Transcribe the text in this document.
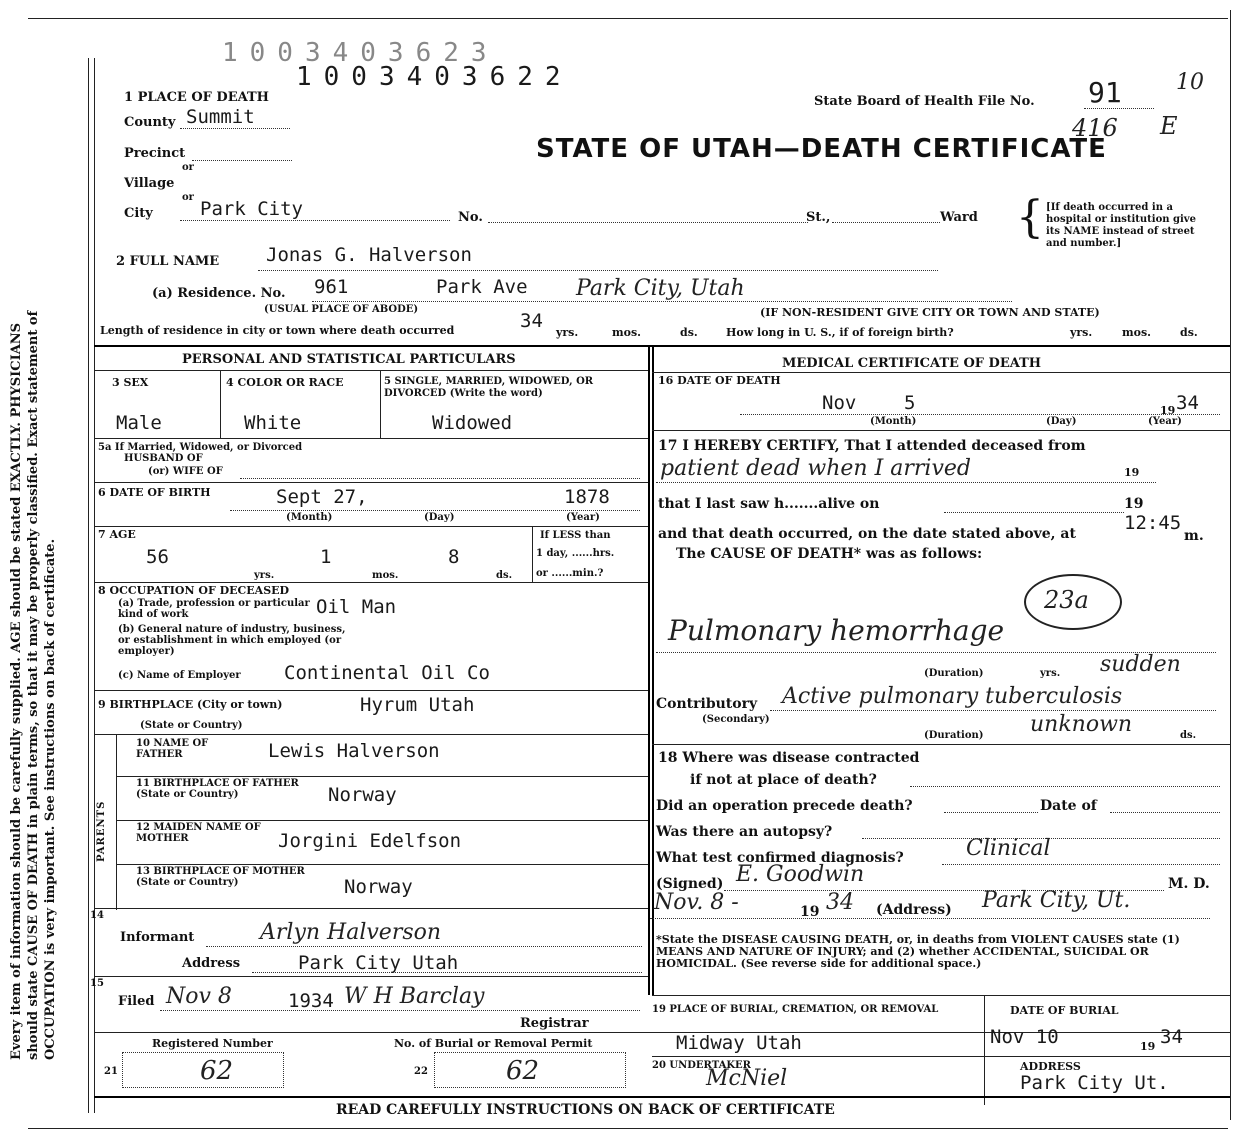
Every item of information should be carefully supplied. AGE should be stated EXACTLY. PHYSICIANS should state CAUSE OF DEATH in plain terms, so that it may be properly classified. Exact statement of OCCUPATION is very important. See instructions on back of certificate.
1003403623
1003403622
1 PLACE OF DEATH
County Summit
Precinct
or
Village
or
City Park City	No.	St.,	Ward { [If death occurred in a hospital or institution give its NAME instead of street and number.]
State Board of Health File No. 91 10
416 E
STATE OF UTAH—DEATH CERTIFICATE
2 FULL NAME Jonas G. Halverson
(a) Residence. No. 961	Park Ave Park City, Utah
(USUAL PLACE OF ABODE)	(IF NON-RESIDENT GIVE CITY OR TOWN AND STATE)
Length of residence in city or town where death occurred	34
yrs.	mos.	ds.	How long in U. S., if of foreign birth?	yrs.	mos.	ds.
PERSONAL AND STATISTICAL PARTICULARS
3 SEX
Male
4 COLOR OR RACE
White
5 SINGLE, MARRIED, WIDOWED, OR DIVORCED (Write the word)
Widowed
5a If Married, Widowed, or Divorced
HUSBAND OF
(or) WIFE OF
6 DATE OF BIRTH	Sept 27,	1878
(Month)	(Day)	(Year)
7 AGE
56	1	8
yrs.	mos.	ds.
If LESS than
1 day, ......hrs.
or ......min.?
8 OCCUPATION OF DECEASED
(a) Trade, profession or particular kind of work	Oil Man
(b) General nature of industry, business, or establishment in which employed (or employer)
(c) Name of Employer Continental Oil Co
9 BIRTHPLACE (City or town)	Hyrum Utah
(State or Country)
PARENTS
10 NAME OF FATHER	Lewis Halverson
11 BIRTHPLACE OF FATHER (State or Country)	Norway
12 MAIDEN NAME OF MOTHER	Jorgini Edelfson
13 BIRTHPLACE OF MOTHER (State or Country)	Norway
14
Informant	Arlyn Halverson
Address	Park City Utah
15
Filed Nov 8	1934 W H Barclay
Registrar
Registered Number
21	62
No. of Burial or Removal Permit
22	62
MEDICAL CERTIFICATE OF DEATH
16 DATE OF DEATH
Nov	5	19 34
(Month)	(Day)	(Year)
17 I HEREBY CERTIFY, That I attended deceased from
patient dead when I arrived	19
that I last saw h.......alive on	19
and that death occurred, on the date stated above, at	12:45
m.
The CAUSE OF DEATH* was as follows:
23a
Pulmonary hemorrhage
(Duration)	yrs. sudden
Contributory
(Secondary)
Active pulmonary tuberculosis
(Duration) unknown	ds.
18 Where was disease contracted
if not at place of death?
Did an operation precede death?	Date of
Was there an autopsy?
What test confirmed diagnosis?	Clinical
(Signed) E. Goodwin	M. D.
Nov. 8 -	19 34 (Address) Park City, Ut.
*State the DISEASE CAUSING DEATH, or, in deaths from VIOLENT CAUSES state (1) MEANS AND NATURE OF INJURY; and (2) whether ACCIDENTAL, SUICIDAL OR HOMICIDAL. (See reverse side for additional space.)
19 PLACE OF BURIAL, CREMATION, OR REMOVAL
Midway Utah
DATE OF BURIAL
Nov 10	19 34
20 UNDERTAKER
McNiel	ADDRESS
Park City Ut.
READ CAREFULLY INSTRUCTIONS ON BACK OF CERTIFICATE
